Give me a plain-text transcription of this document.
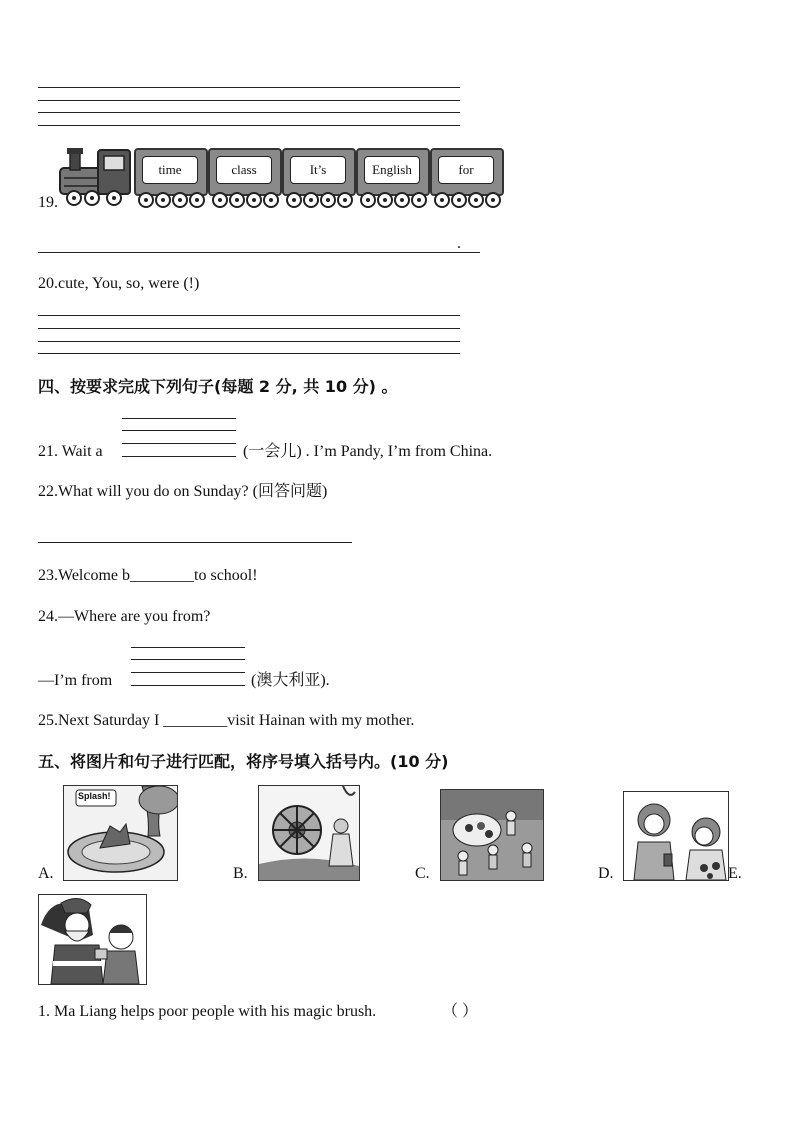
19.
time	class	It’s	English	for
.
20.cute, You, so, were (!)
四、按要求完成下列句子(每题 2 分, 共 10 分) 。
21. Wait a	(一会儿) . I’m Pandy, I’m from China.
22.What will you do on Sunday? (回答问题)
23.Welcome b________to school!
24.—Where are you from?
—I’m from	(澳大利亚).
25.Next Saturday I ________visit Hainan with my mother.
五、将图片和句子进行匹配，将序号填入括号内。(10 分)
A.
Splash!
B.	C.	D.	E.
1. Ma Liang helps poor people with his magic brush.	（ ）
